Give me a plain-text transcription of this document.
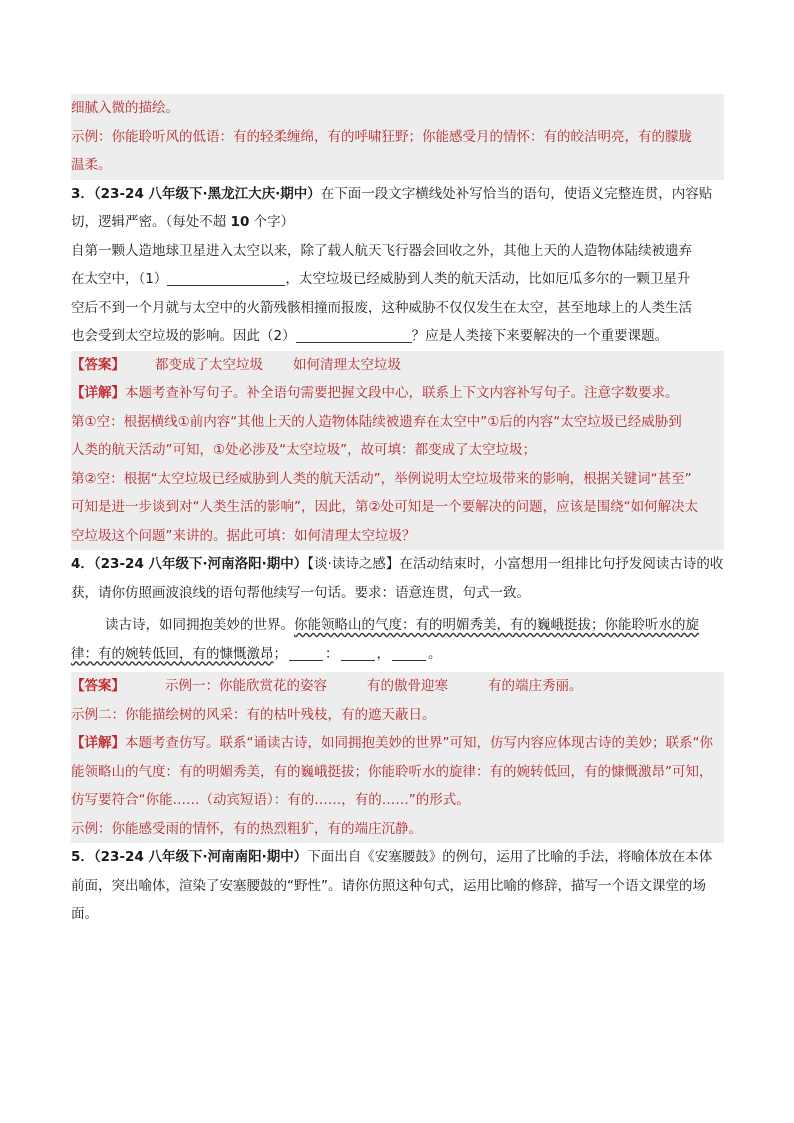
细腻入微的描绘。
示例：你能聆听风的低语：有的轻柔缠绵，有的呼啸狂野；你能感受月的情怀：有的皎洁明亮，有的朦胧
温柔。
3．（23-24 八年级下·黑龙江大庆·期中）在下面一段文字横线处补写恰当的语句，使语义完整连贯，内容贴
切，逻辑严密。（每处不超 10 个字）
自第一颗人造地球卫星进入太空以来，除了载人航天飞行器会回收之外，其他上天的人造物体陆续被遗弃
在太空中，（1）	，太空垃圾已经威胁到人类的航天活动，比如厄瓜多尔的一颗卫星升
空后不到一个月就与太空中的火箭残骸相撞而报废，这种威胁不仅仅发生在太空，甚至地球上的人类生活
也会受到太空垃圾的影响。因此（2）	？应是人类接下来要解决的一个重要课题。
【答案】 都变成了太空垃圾 如何清理太空垃圾
【详解】本题考查补写句子。补全语句需要把握文段中心，联系上下文内容补写句子。注意字数要求。
第①空：根据横线①前内容“其他上天的人造物体陆续被遗弃在太空中”①后的内容“太空垃圾已经威胁到
人类的航天活动”可知，①处必涉及“太空垃圾”，故可填：都变成了太空垃圾；
第②空：根据“太空垃圾已经威胁到人类的航天活动”，举例说明太空垃圾带来的影响，根据关键词“甚至”
可知是进一步谈到对“人类生活的影响”，因此，第②处可知是一个要解决的问题，应该是围绕“如何解决太
空垃圾这个问题”来讲的。据此可填：如何清理太空垃圾？
4．（23-24 八年级下·河南洛阳·期中）【谈·读诗之感】在活动结束时，小富想用一组排比句抒发阅读古诗的收
获，请你仿照画波浪线的语句帮他续写一句话。要求：语意连贯，句式一致。
读古诗，如同拥抱美妙的世界。你能领略山的气度：有的明媚秀美，有的巍峨挺拔；你能聆听水的旋
律：有的婉转低回，有的慷慨激昂；	：	，	。
【答案】	示例一：你能欣赏花的姿容	有的傲骨迎寒	有的端庄秀丽。
示例二：你能描绘树的风采：有的枯叶残枝，有的遮天蔽日。
【详解】本题考查仿写。联系“诵读古诗，如同拥抱美妙的世界”可知，仿写内容应体现古诗的美妙；联系“你
能领略山的气度：有的明媚秀美，有的巍峨挺拔；你能聆听水的旋律：有的婉转低回，有的慷慨激昂”可知，
仿写要符合“你能……（动宾短语）：有的……，有的……”的形式。
示例：你能感受雨的情怀，有的热烈粗犷，有的端庄沉静。
5．（23-24 八年级下·河南南阳·期中）下面出自《安塞腰鼓》的例句，运用了比喻的手法，将喻体放在本体
前面，突出喻体，渲染了安塞腰鼓的“野性”。请你仿照这种句式，运用比喻的修辞，描写一个语文课堂的场
面。
